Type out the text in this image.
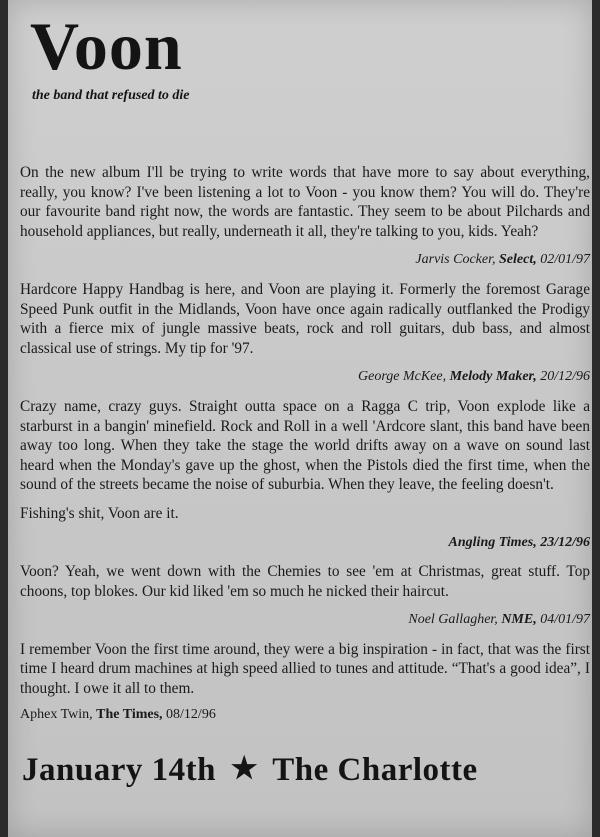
Voon
the band that refused to die

On the new album I'll be trying to write words that have more to say about everything, really, you know? I've been listening a lot to Voon - you know them? You will do. They're our favourite band right now, the words are fantastic. They seem to be about Pilchards and household appliances, but really, underneath it all, they're talking to you, kids. Yeah?

Jarvis Cocker, Select, 02/01/97

Hardcore Happy Handbag is here, and Voon are playing it. Formerly the foremost Garage Speed Punk outfit in the Midlands, Voon have once again radically outflanked the Prodigy with a fierce mix of jungle massive beats, rock and roll guitars, dub bass, and almost classical use of strings. My tip for '97.

George McKee, Melody Maker, 20/12/96

Crazy name, crazy guys. Straight outta space on a Ragga C trip, Voon explode like a starburst in a bangin' minefield. Rock and Roll in a well 'Ardcore slant, this band have been away too long. When they take the stage the world drifts away on a wave on sound last heard when the Monday's gave up the ghost, when the Pistols died the first time, when the sound of the streets became the noise of suburbia. When they leave, the feeling doesn't.

Fishing's shit, Voon are it.

Angling Times, 23/12/96

Voon? Yeah, we went down with the Chemies to see 'em at Christmas, great stuff. Top choons, top blokes. Our kid liked 'em so much he nicked their haircut.

Noel Gallagher, NME, 04/01/97

I remember Voon the first time around, they were a big inspiration - in fact, that was the first time I heard drum machines at high speed allied to tunes and attitude. “That's a good idea”, I thought. I owe it all to them.

Aphex Twin, The Times, 08/12/96
January 14th ★ The Charlotte
